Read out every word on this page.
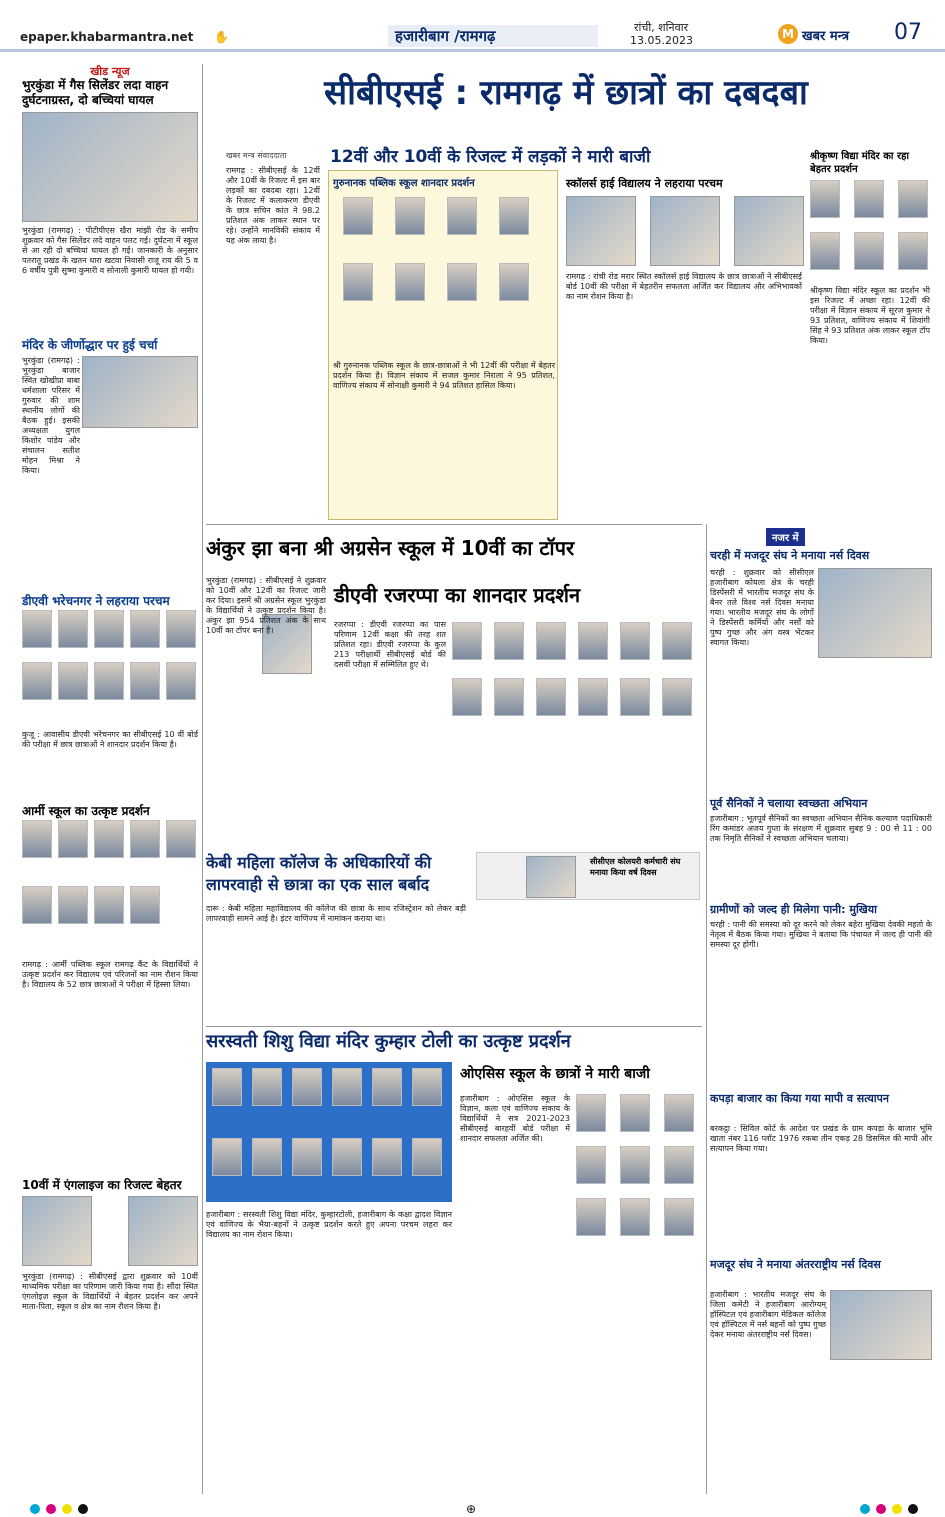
epaper.khabarmantra.net ✋	हजारीबाग /रामगढ़	रांची, शनिवार
13.05.2023	M खबर मन्त्र 07
खीड न्यूज
भुरकुंडा में गैस सिलेंडर लदा वाहन दुर्घटनाग्रस्त, दो बच्चियां घायल
भुरकुंडा (रामगढ़) : पीटीपीएस खैरा मांझी रोड के समीप शुक्रवार को गैस सिलेंडर लदे वाहन पलट गई। दुर्घटना में स्कूल से आ रही दो बच्चियां घायल हो गई। जानकारी के अनुसार पतरातू प्रखंड के खतन धारा खटवा निवासी राजू राय की 5 व 6 वर्षीय पुत्री सुष्मा कुमारी व सोनाली कुमारी घायल हो गयी।
मंदिर के जीर्णोद्धार पर हुई चर्चा
भुरकुंडा (रामगढ़) : भुरकुंडा बाजार स्थित खोखीप्रा बाबा धर्मशाला परिसर में गुरुवार की शाम स्थानीय लोगों की बैठक हुई। इसकी अध्यक्षता युगल किशोर पांडेय और संचालन सतीश मोहन मिश्रा ने किया।
डीएवी भरेचनगर ने लहराया परचम
कुजू : आवासीय डीएवी भरेचनगर का सीबीएसई 10 वीं बोर्ड की परीक्षा में छात्र छात्राओं ने शानदार प्रदर्शन किया है।
आर्मी स्कूल का उत्कृष्ट प्रदर्शन
रामगढ़ : आर्मी पब्लिक स्कूल रामगढ़ कैंट के विद्यार्थियों ने उत्कृष्ट प्रदर्शन कर विद्यालय एवं परिजनों का नाम रौशन किया है। विद्यालय के 52 छात्र छात्राओं ने परीक्षा में हिस्सा लिया।
10वीं में एंगलाइज का रिजल्ट बेहतर
भुरकुंडा (रामगढ़) : सीबीएसई द्वारा शुक्रवार को 10वीं माध्यमिक परीक्षा का परिणाम जारी किया गया है। सौंदा स्थित एंगलोइज़ स्कूल के विद्यार्थियों ने बेहतर प्रदर्शन कर अपने माता-पिता, स्कूल व क्षेत्र का नाम रौशन किया है।
सीबीएसई : रामगढ़ में छात्रों का दबदबा
खबर मन्त्र संवाददाता
रामगढ़ : सीबीएसई के 12वीं और 10वीं के रिजल्ट में इस बार लड़कों का दबदबा रहा। 12वीं के रिजल्ट में कलाकरण डीएवी के छात्र सचिन कांत ने 98.2 प्रतिशत अंक लाकर स्थान पर रहे। उन्होंने मानविकी संकाय में यह अंक लाया है।
12वीं और 10वीं के रिजल्ट में लड़कों ने मारी बाजी
गुरुनानक पब्लिक स्कूल शानदार प्रदर्शन
श्री गुरुनानक पब्लिक स्कूल के छात्र-छात्राओं ने भी 12वीं की परीक्षा में बेहतर प्रदर्शन किया है। विज्ञान संकाय में सजल कुमार निराला ने 95 प्रतिशत, वाणिज्य संकाय में सोनाक्षी कुमारी ने 94 प्रतिशत हासिल किया।
स्कॉलर्स हाई विद्यालय ने लहराया परचम
रामगढ़ : रांची रोड मरार स्थित स्कॉलर्स हाई विद्यालय के छात्र छात्राओं ने सीबीएसई बोर्ड 10वीं की परीक्षा में बेहतरीन सफलता अर्जित कर विद्यालय और अभिभावकों का नाम रोशन किया है।
श्रीकृष्ण विद्या मंदिर का रहा बेहतर प्रदर्शन
श्रीकृष्ण विद्या मंदिर स्कूल का प्रदर्शन भी इस रिजल्ट में अच्छा रहा। 12वीं की परीक्षा में विज्ञान संकाय में सूरज कुमार ने 93 प्रतिशत, वाणिज्य संकाय में शिवांगी सिंह ने 93 प्रतिशत अंक लाकर स्कूल टॉप किया।
अंकुर झा बना श्री अग्रसेन स्कूल में 10वीं का टॉपर
भुरकुंडा (रामगढ़) : सीबीएसई ने शुक्रवार को 10वीं और 12वीं का रिजल्ट जारी कर दिया। इसमें श्री अग्रसेन स्कूल भुरकुंडा के विद्यार्थियों ने उत्कृष्ट प्रदर्शन किया है। अंकुर झा 954 प्रतिशत अंक के साथ 10वीं का टॉपर बना है।
डीएवी रजरप्पा का शानदार प्रदर्शन
रजरप्पा : डीएवी रजरप्पा का पास परिणाम 12वीं कक्षा की तरह शत प्रतिशत रहा। डीएवी रजरप्पा के कुल 213 परीक्षार्थी सीबीएसई बोर्ड की दसवीं परीक्षा में सम्मिलित हुए थे।
केबी महिला कॉलेज के अधिकारियों की लापरवाही से छात्रा का एक साल बर्बाद
दारू : केबी महिला महाविद्यालय की कॉलेज की छात्रा के साथ रजिस्ट्रेशन को लेकर बड़ी लापरवाही सामने आई है। इंटर वाणिज्य में नामांकन कराया था।
सीसीएल कोलयरी कर्मचारी संघ मनाया किया वर्ष दिवस
सरस्वती शिशु विद्या मंदिर कुम्हार टोली का उत्कृष्ट प्रदर्शन
हजारीबाग : सरस्वती शिशु विद्या मंदिर, कुम्हारटोली, हजारीबाग के कक्षा द्वादश विज्ञान एवं वाणिज्य के भैया-बहनों ने उत्कृष्ट प्रदर्शन करते हुए अपना परचम लहरा कर विद्यालय का नाम रोशन किया।
ओएसिस स्कूल के छात्रों ने मारी बाजी
हजारीबाग : ओएसिस स्कूल के विज्ञान, कला एवं वाणिज्य संकाय के विद्यार्थियों ने सत्र 2021-2023 सीबीएसई बारहवीं बोर्ड परीक्षा में शानदार सफलता अर्जित की।
नजर में
चरही में मजदूर संघ ने मनाया नर्स दिवस
चरही : शुक्रवार को सीसीएल हजारीबाग कोयला क्षेत्र के चरही डिस्पेंसरी में भारतीय मजदूर संघ के बैनर तले विश्व नर्स दिवस मनाया गया। भारतीय मजदूर संघ के लोगों ने डिस्पेंसरी कर्मियों और नर्सों को पुष्प गुच्छ और अंग वस्त्र भेंटकर स्वागत किया।
पूर्व सैनिकों ने चलाया स्वच्छता अभियान
हजारीबाग : भूतपूर्व सैनिकों का स्वच्छता अभियान सैनिक कल्याण पदाधिकारी रिंग कमांडर अजय गुप्ता के संरक्षण में शुक्रवार सुबह 9 : 00 से 11 : 00 तक निमृति सैनिकों ने स्वच्छता अभियान चलाया।
ग्रामीणों को जल्द ही मिलेगा पानी: मुखिया
चरही : पानी की समस्या को दूर करने को लेकर बहेरा मुखिया देवकी महतो के नेतृत्व में बैठक किया गया। मुखिया ने बताया कि पंचायत में जल्द ही पानी की समस्या दूर होगी।
कपड़ा बाजार का किया गया मापी व सत्यापन
बरकट्ठा : सिविल कोर्ट के आदेश पर प्रखंड के ग्राम कपड़ा के बाजार भूमि खाता नंबर 116 प्लॉट 1976 रकबा तीन एकड़ 28 डिसमिल की मापी और सत्यापन किया गया।
मजदूर संघ ने मनाया अंतरराष्ट्रीय नर्स दिवस
हजारीबाग : भारतीय मजदूर संघ के जिला कमेटी ने हजारीबाग आरोग्यम् हॉस्पिटल एवं हजारीबाग मेडिकल कॉलेज एवं हॉस्पिटल में नर्स बहनों को पुष्प गुच्छ देकर मनाया अंतरराष्ट्रीय नर्स दिवस।
⊕
